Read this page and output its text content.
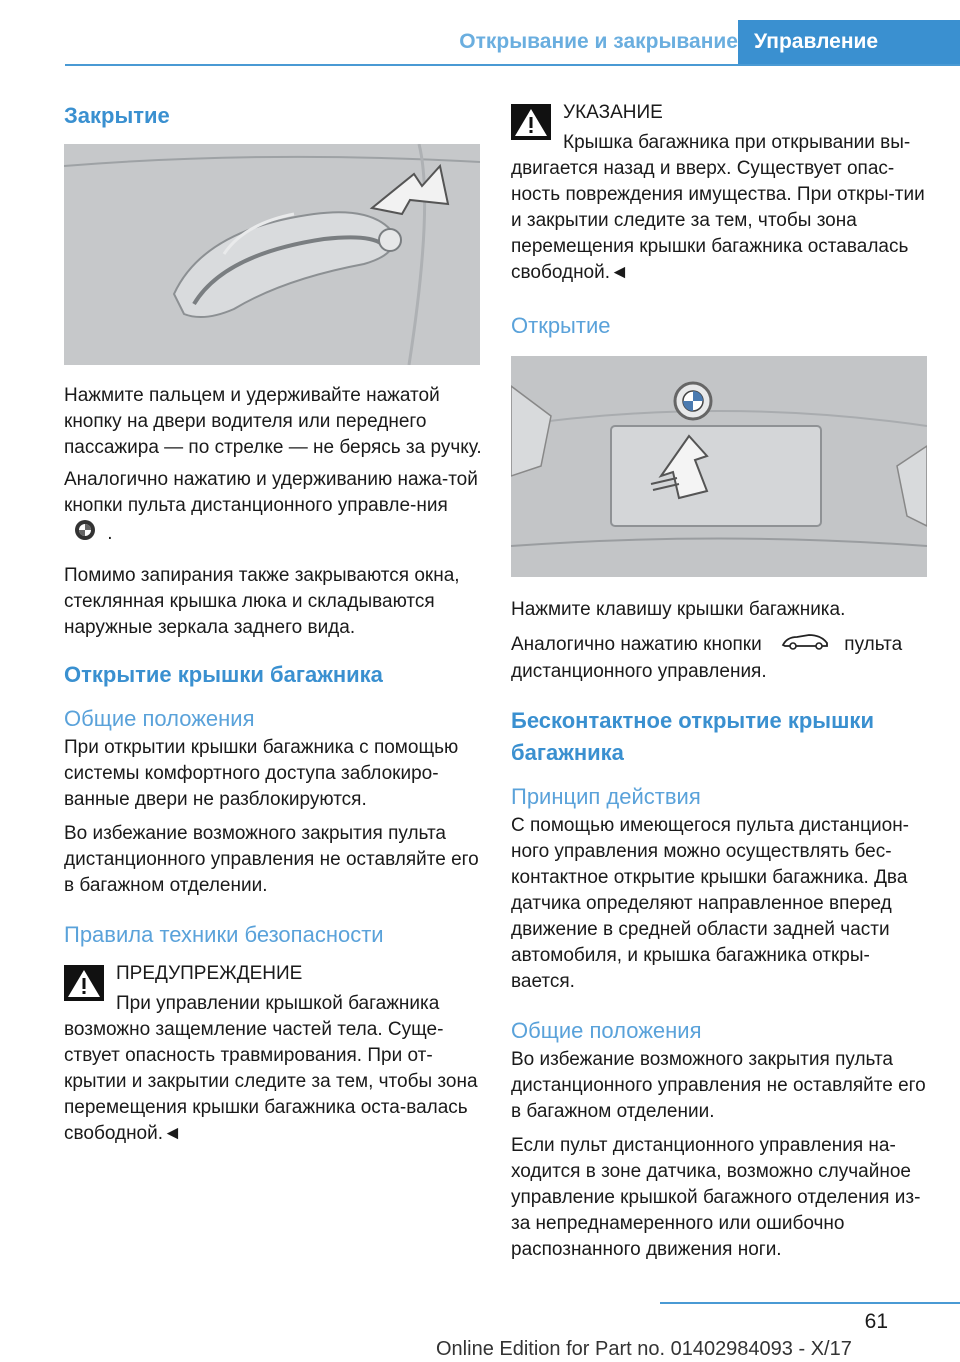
Открывание и закрывание Управление
Закрытие

Нажмите пальцем и удерживайте нажатой кнопку на двери водителя или переднего пассажира — по стрелке — не берясь за ручку.

Аналогично нажатию и удерживанию нажа-той кнопки пульта дистанционного управле-ния  .

Помимо запирания также закрываются окна, стеклянная крышка люка и складываются наружные зеркала заднего вида.

Открытие крышки багажника
Общие положения

При открытии крышки багажника с помощью системы комфортного доступа заблокиро-ванные двери не разблокируются.

Во избежание возможного закрытия пульта дистанционного управления не оставляйте его в багажном отделении.

Правила техники безопасности
ПРЕДУПРЕЖДЕНИЕ

При управлении крышкой багажника

возможно защемление частей тела. Суще-ствует опасность травмирования. При от-крытии и закрытии следите за тем, чтобы зона перемещения крышки багажника оста-валась свободной.◄

УКАЗАНИЕ

Крышка багажника при открывании вы-

двигается назад и вверх. Существует опас-ность повреждения имущества. При откры-тии и закрытии следите за тем, чтобы зона перемещения крышки багажника оставалась свободной.◄

Открытие

Нажмите клавишу крышки багажника.

Аналогично нажатию кнопки	пульта дистанционного управления.

Бесконтактное открытие крышки багажника
Принцип действия

С помощью имеющегося пульта дистанцион-ного управления можно осуществлять бес-контактное открытие крышки багажника. Два датчика определяют направленное вперед движение в средней области задней части автомобиля, и крышка багажника откры-вается.

Общие положения

Во избежание возможного закрытия пульта дистанционного управления не оставляйте его в багажном отделении.

Если пульт дистанционного управления на-ходится в зоне датчика, возможно случайное управление крышкой багажного отделения из-за непреднамеренного или ошибочно распознанного движения ноги.

61
Online Edition for Part no. 01402984093 - X/17
